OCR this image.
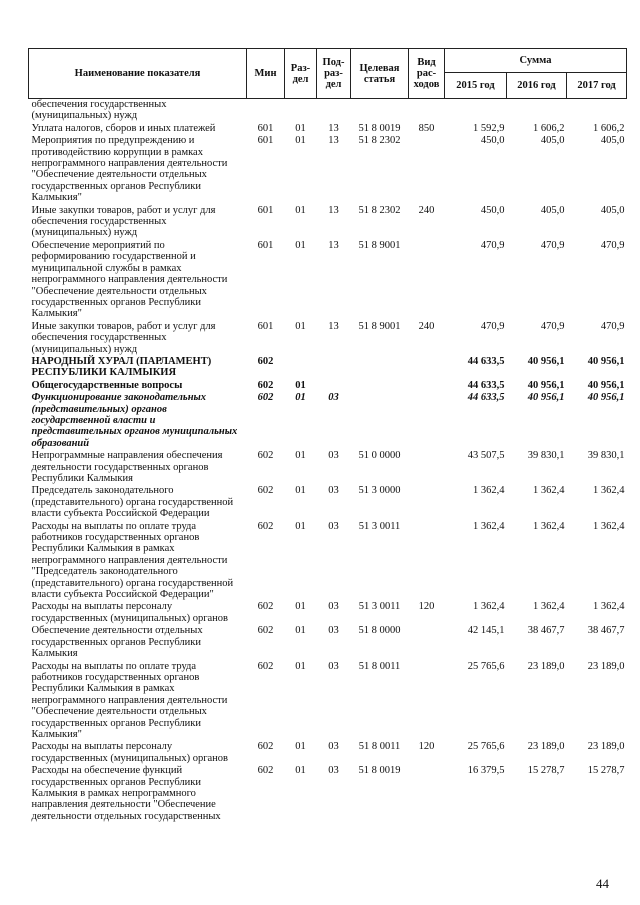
Наименование показателя	Мин	Раз-дел	Под-раз-дел	Целевая статья	Вид рас-ходов	Сумма		
						2015 год	2016 год	2017 год
обеспечения государственных (муниципальных) нужд								
Уплата налогов, сборов и иных платежей	601	01	13	51 8 0019	850	1 592,9	1 606,2	1 606,2
Мероприятия по предупреждению и противодействию коррупции в рамках непрограммного направления деятельности "Обеспечение деятельности отдельных государственных органов Республики Калмыкия"	601	01	13	51 8 2302		450,0	405,0	405,0
Иные закупки товаров, работ и услуг для обеспечения государственных (муниципальных) нужд	601	01	13	51 8 2302	240	450,0	405,0	405,0
Обеспечение мероприятий по реформированию государственной и муниципальной службы в рамках непрограммного направления деятельности "Обеспечение деятельности отдельных государственных органов Республики Калмыкия"	601	01	13	51 8 9001		470,9	470,9	470,9
Иные закупки товаров, работ и услуг для обеспечения государственных (муниципальных) нужд	601	01	13	51 8 9001	240	470,9	470,9	470,9
НАРОДНЫЙ ХУРАЛ (ПАРЛАМЕНТ) РЕСПУБЛИКИ КАЛМЫКИЯ	602					44 633,5	40 956,1	40 956,1
Общегосударственные вопросы	602	01				44 633,5	40 956,1	40 956,1
Функционирование законодательных (представительных) органов государственной власти и представительных органов муниципальных образований	602	01	03			44 633,5	40 956,1	40 956,1
Непрограммные направления обеспечения деятельности государственных органов Республики Калмыкия	602	01	03	51 0 0000		43 507,5	39 830,1	39 830,1
Председатель законодательного (представительного) органа государственной власти субъекта Российской Федерации	602	01	03	51 3 0000		1 362,4	1 362,4	1 362,4
Расходы на выплаты по оплате труда работников государственных органов Республики Калмыкия в рамках непрограммного направления деятельности "Председатель законодательного (представительного) органа государственной власти субъекта Российской Федерации"	602	01	03	51 3 0011		1 362,4	1 362,4	1 362,4
Расходы на выплаты персоналу государственных (муниципальных) органов	602	01	03	51 3 0011	120	1 362,4	1 362,4	1 362,4
Обеспечение деятельности отдельных государственных органов Республики Калмыкия	602	01	03	51 8 0000		42 145,1	38 467,7	38 467,7
Расходы на выплаты по оплате труда работников государственных органов Республики Калмыкия в рамках непрограммного направления деятельности "Обеспечение деятельности отдельных государственных органов Республики Калмыкия"	602	01	03	51 8 0011		25 765,6	23 189,0	23 189,0
Расходы на выплаты персоналу государственных (муниципальных) органов	602	01	03	51 8 0011	120	25 765,6	23 189,0	23 189,0
Расходы на обеспечение функций государственных органов Республики Калмыкия в рамках непрограммного направления деятельности "Обеспечение деятельности отдельных государственных	602	01	03	51 8 0019		16 379,5	15 278,7	15 278,7
44
